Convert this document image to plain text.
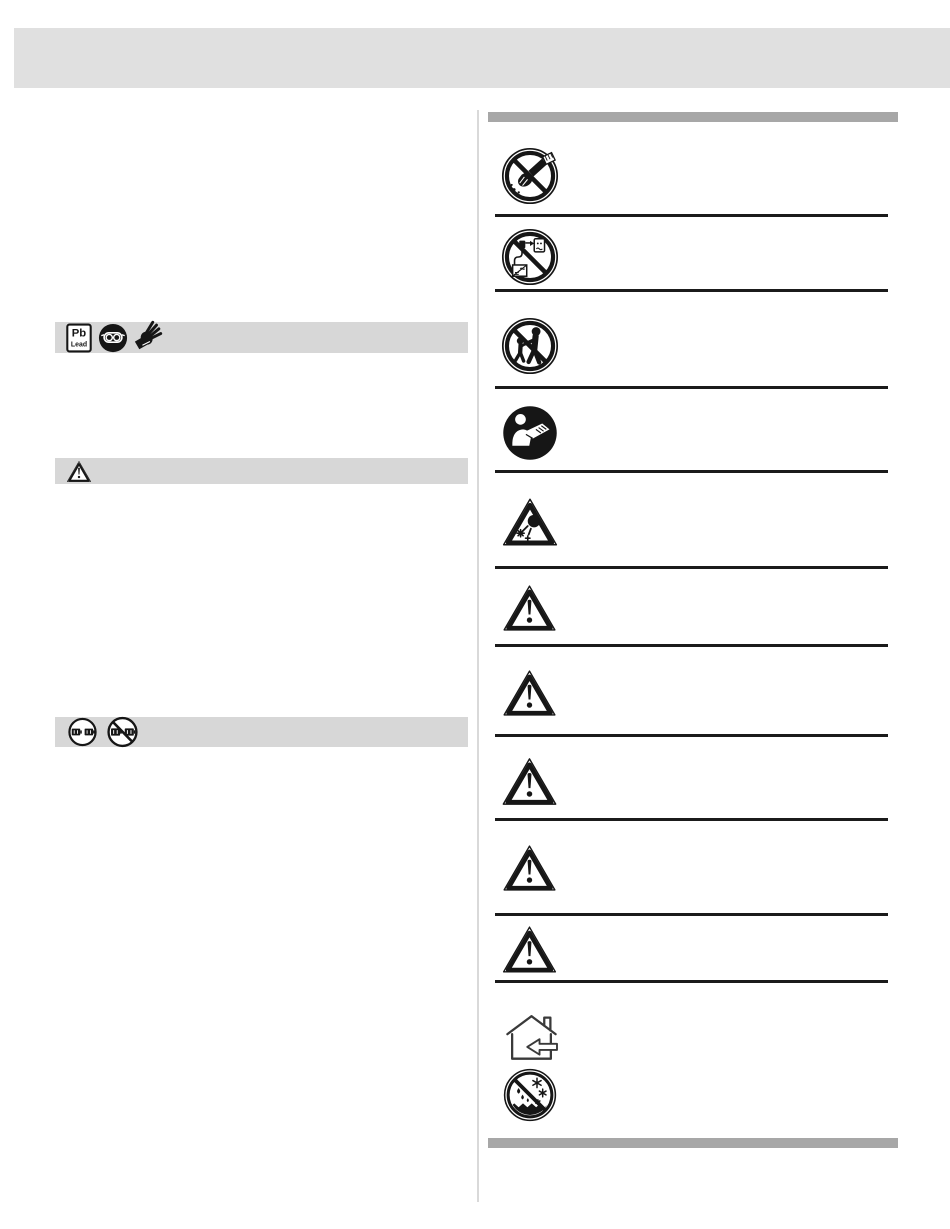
Pb
Lead
